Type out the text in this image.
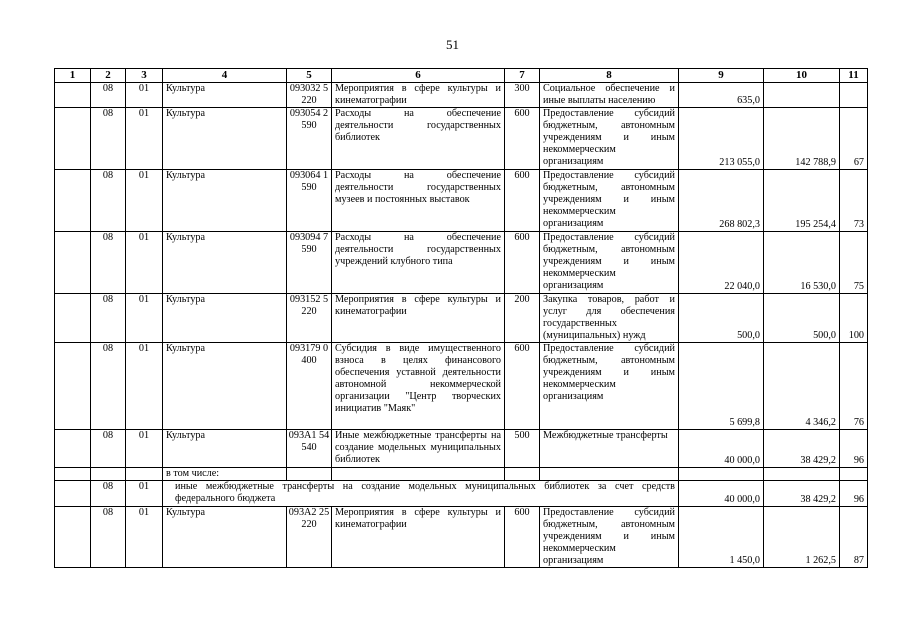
51
1	2	3	4	5	6	7	8	9	10	11
	08	01	Культура	093032 5220	Мероприятия в сфере культуры и кинематографии	300	Социальное обеспечение и иные выплаты населению	635,0		
	08	01	Культура	093054 2590	Расходы на обеспечение деятельности государственных библиотек	600	Предоставление субсидий бюджетным, автономным учреждениям и иным некоммерческим организациям	213 055,0	142 788,9	67
	08	01	Культура	093064 1590	Расходы на обеспечение деятельности государственных музеев и постоянных выставок	600	Предоставление субсидий бюджетным, автономным учреждениям и иным некоммерческим организациям	268 802,3	195 254,4	73
	08	01	Культура	093094 7590	Расходы на обеспечение деятельности государственных учреждений клубного типа	600	Предоставление субсидий бюджетным, автономным учреждениям и иным некоммерческим организациям	22 040,0	16 530,0	75
	08	01	Культура	093152 5220	Мероприятия в сфере культуры и кинематографии	200	Закупка товаров, работ и услуг для обеспечения государственных (муниципальных) нужд	500,0	500,0	100
	08	01	Культура	093179 0400	Субсидия в виде имущественного взноса в целях финансового обеспечения уставной деятельности автономной некоммерческой организации "Центр творческих инициатив "Маяк"	600	Предоставление субсидий бюджетным, автономным учреждениям и иным некоммерческим организациям	5 699,8	4 346,2	76
	08	01	Культура	093А1 54540	Иные межбюджетные трансферты на создание модельных муниципальных библиотек	500	Межбюджетные трансферты	40 000,0	38 429,2	96
			в том числе:							
	08	01	иные межбюджетные трансферты на создание модельных муниципальных библиотек за счет средств федерального бюджета					40 000,0	38 429,2	96
	08	01	Культура	093А2 25220	Мероприятия в сфере культуры и кинематографии	600	Предоставление субсидий бюджетным, автономным учреждениям и иным некоммерческим организациям	1 450,0	1 262,5	87
